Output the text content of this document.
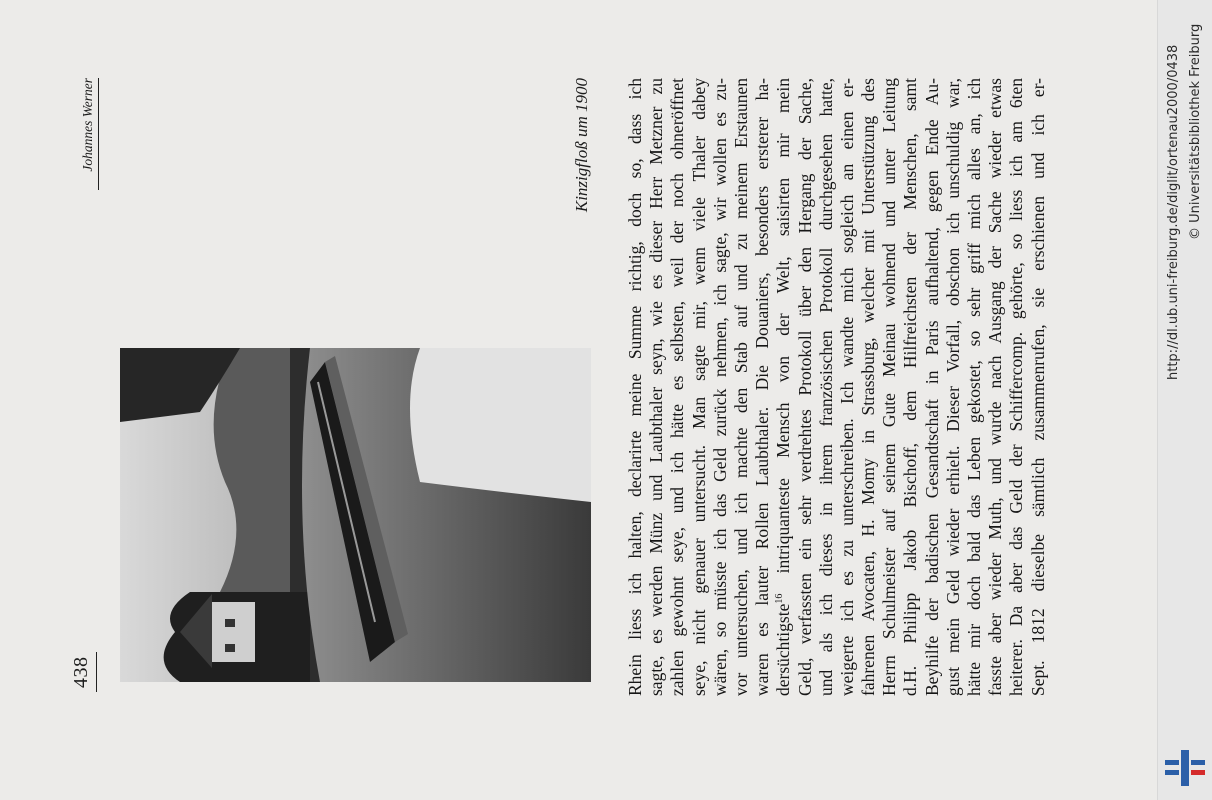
438
Johannes Werner	Kinzigfloß um 1900 Rhein liess ich halten, declarirte meine Summe richtig, doch so, dass ich sagte, es werden Münz und Laubthaler seyn, wie es dieser Herr Metzner zu zahlen gewohnt seye, und ich hätte es selbsten, weil der noch ohneröffnet seye, nicht genauer untersucht. Man sagte mir, wenn viele Thaler dabey wären, so müsste ich das Geld zurück nehmen, ich sagte, wir wollen es zu- vor untersuchen, und ich machte den Stab auf und zu meinem Erstaunen waren es lauter Rollen Laubthaler. Die Douaniers, besonders ersterer ha- dersüchtigste$^{16}$ intriquanteste Mensch von der Welt, saisirten mir mein Geld, verfassten ein sehr verdrehtes Protokoll über den Hergang der Sache, und als ich dieses in ihrem französischen Protokoll durchgesehen hatte, weigerte ich es zu unterschreiben. Ich wandte mich sogleich an einen er- fahrenen Avocaten, H. Momy in Strassburg, welcher mit Unterstützung des Herrn Schulmeister auf seinem Gute Meinau wohnend und unter Leitung d.H. Philipp Jakob Bischoff, dem Hilfreichsten der Menschen, samt Beyhilfe der badischen Gesandtschaft in Paris aufhaltend, gegen Ende Au- gust mein Geld wieder erhielt. Dieser Vorfall, obschon ich unschuldig war, hätte mir doch bald das Leben gekostet, so sehr griff mich alles an, ich fasste aber wieder Muth, und wurde nach Ausgang der Sache wieder etwas heiterer. Da aber das Geld der Schiffercomp. gehörte, so liess ich am 6ten Sept. 1812 dieselbe sämtlich zusammenrufen, sie erschienen und ich er-	http://dl.ub.uni-freiburg.de/diglit/ortenau2000/0438 © Universitätsbibliothek Freiburg
